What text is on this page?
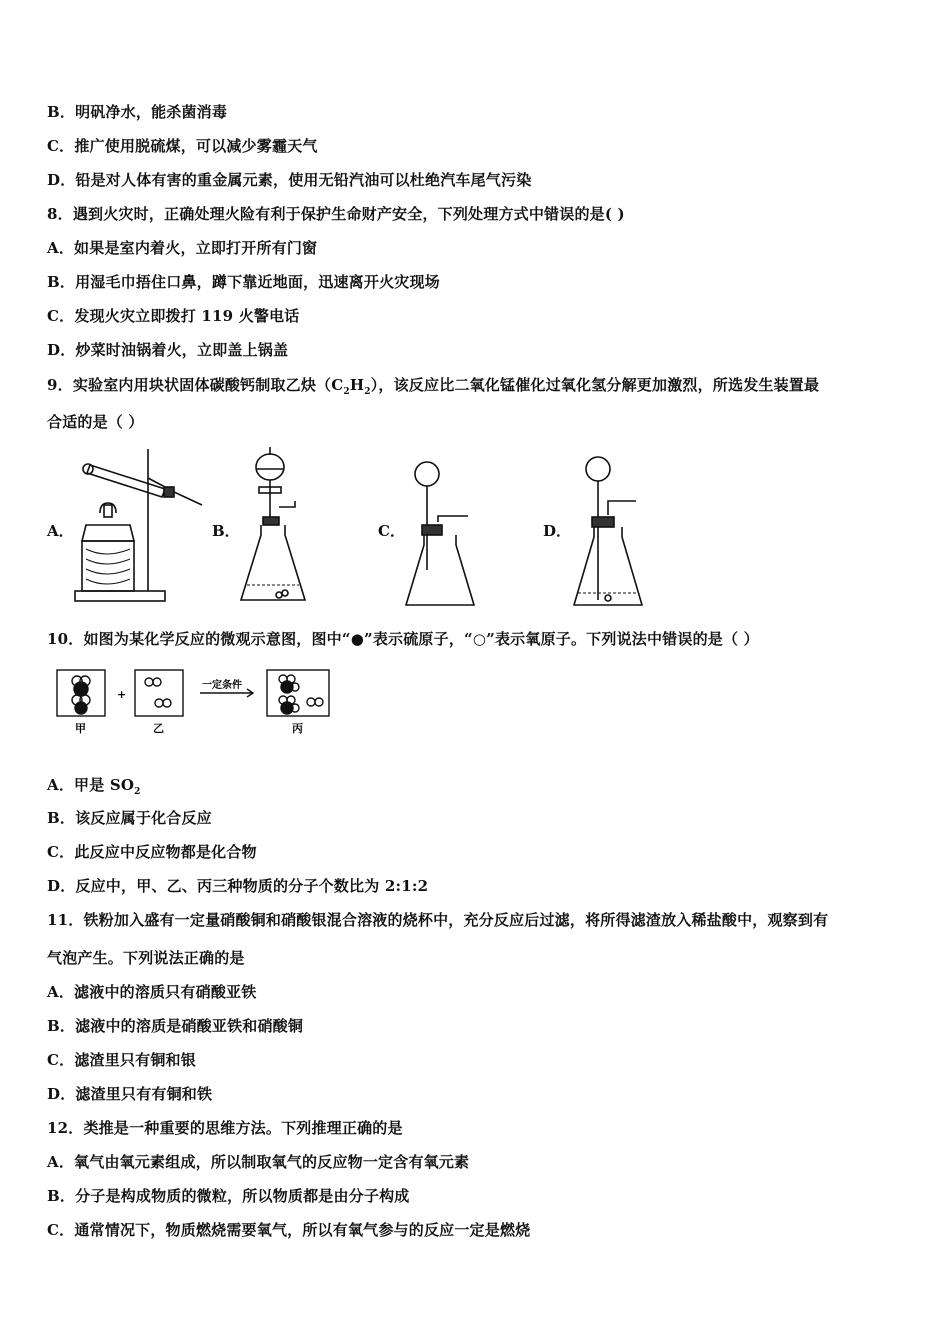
B．明矾净水，能杀菌消毒
C．推广使用脱硫煤，可以减少雾霾天气
D．铅是对人体有害的重金属元素，使用无铅汽油可以杜绝汽车尾气污染
8．遇到火灾时，正确处理火险有利于保护生命财产安全，下列处理方式中错误的是( )
A．如果是室内着火，立即打开所有门窗
B．用湿毛巾捂住口鼻，蹲下靠近地面，迅速离开火灾现场
C．发现火灾立即拨打 119 火警电话
D．炒菜时油锅着火，立即盖上锅盖
9．实验室内用块状固体碳酸钙制取乙炔$(C_2H_2)$，该反应比二氧化锰催化过氧化氢分解更加激烈，所选发生装置最
合适的是（ ）
A．	B．	C．	D．
10．如图为某化学反应的微观示意图，图中“●”表示硫原子，“○”表示氧原子。下列说法中错误的是（ ）
甲
+
乙
一定条件
丙
A．甲是 $SO_2$
B．该反应属于化合反应
C．此反应中反应物都是化合物
D．反应中，甲、乙、丙三种物质的分子个数比为 2:1:2
11．铁粉加入盛有一定量硝酸铜和硝酸银混合溶液的烧杯中，充分反应后过滤，将所得滤渣放入稀盐酸中，观察到有
气泡产生。下列说法正确的是
A．滤液中的溶质只有硝酸亚铁
B．滤液中的溶质是硝酸亚铁和硝酸铜
C．滤渣里只有铜和银
D．滤渣里只有有铜和铁
12．类推是一种重要的思维方法。下列推理正确的是
A．氧气由氧元素组成，所以制取氧气的反应物一定含有氧元素
B．分子是构成物质的微粒，所以物质都是由分子构成
C．通常情况下，物质燃烧需要氧气，所以有氧气参与的反应一定是燃烧
